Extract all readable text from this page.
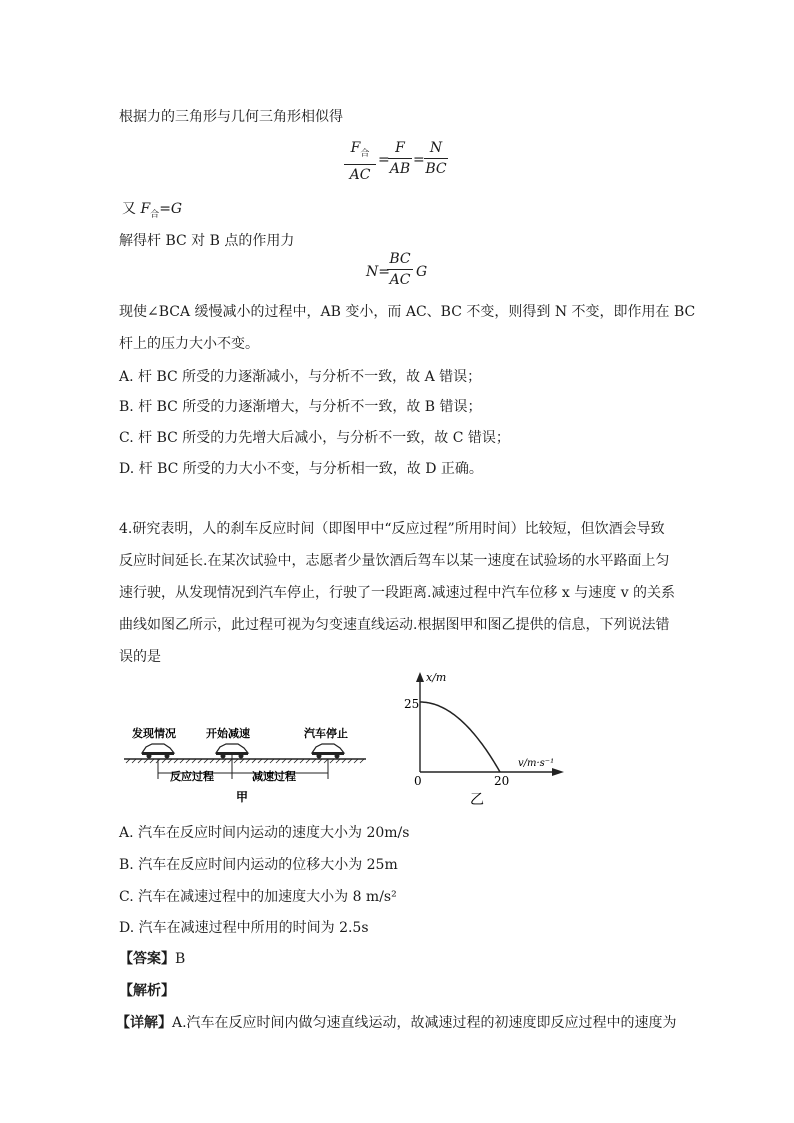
根据力的三角形与几何三角形相似得
$F_合$
AC
=
F
AB
=
N
BC
又 $F_合=G$
解得杆 BC 对 B 点的作用力
N=
BC
AC G
现使∠BCA 缓慢减小的过程中，AB 变小，而 AC、BC 不变，则得到 N 不变，即作用在 BC
杆上的压力大小不变。
A. 杆 BC 所受的力逐渐减小，与分析不一致，故 A 错误；
B. 杆 BC 所受的力逐渐增大，与分析不一致，故 B 错误；
C. 杆 BC 所受的力先增大后减小，与分析不一致，故 C 错误；
D. 杆 BC 所受的力大小不变，与分析相一致，故 D 正确。
4.研究表明，人的刹车反应时间（即图甲中“反应过程”所用时间）比较短，但饮酒会导致
反应时间延长.在某次试验中，志愿者少量饮酒后驾车以某一速度在试验场的水平路面上匀
速行驶，从发现情况到汽车停止，行驶了一段距离.减速过程中汽车位移 x 与速度 v 的关系
曲线如图乙所示，此过程可视为匀变速直线运动.根据图甲和图乙提供的信息，下列说法错
误的是
发现情况	开始减速	汽车停止
反应过程	减速过程
甲
x/m
v/m·s⁻¹
25
0	20
乙
A. 汽车在反应时间内运动的速度大小为 20m/s
B. 汽车在反应时间内运动的位移大小为 25m
C. 汽车在减速过程中的加速度大小为 8 m/s²
D. 汽车在减速过程中所用的时间为 2.5s
【答案】B
【解析】
【详解】A.汽车在反应时间内做匀速直线运动，故减速过程的初速度即反应过程中的速度为
